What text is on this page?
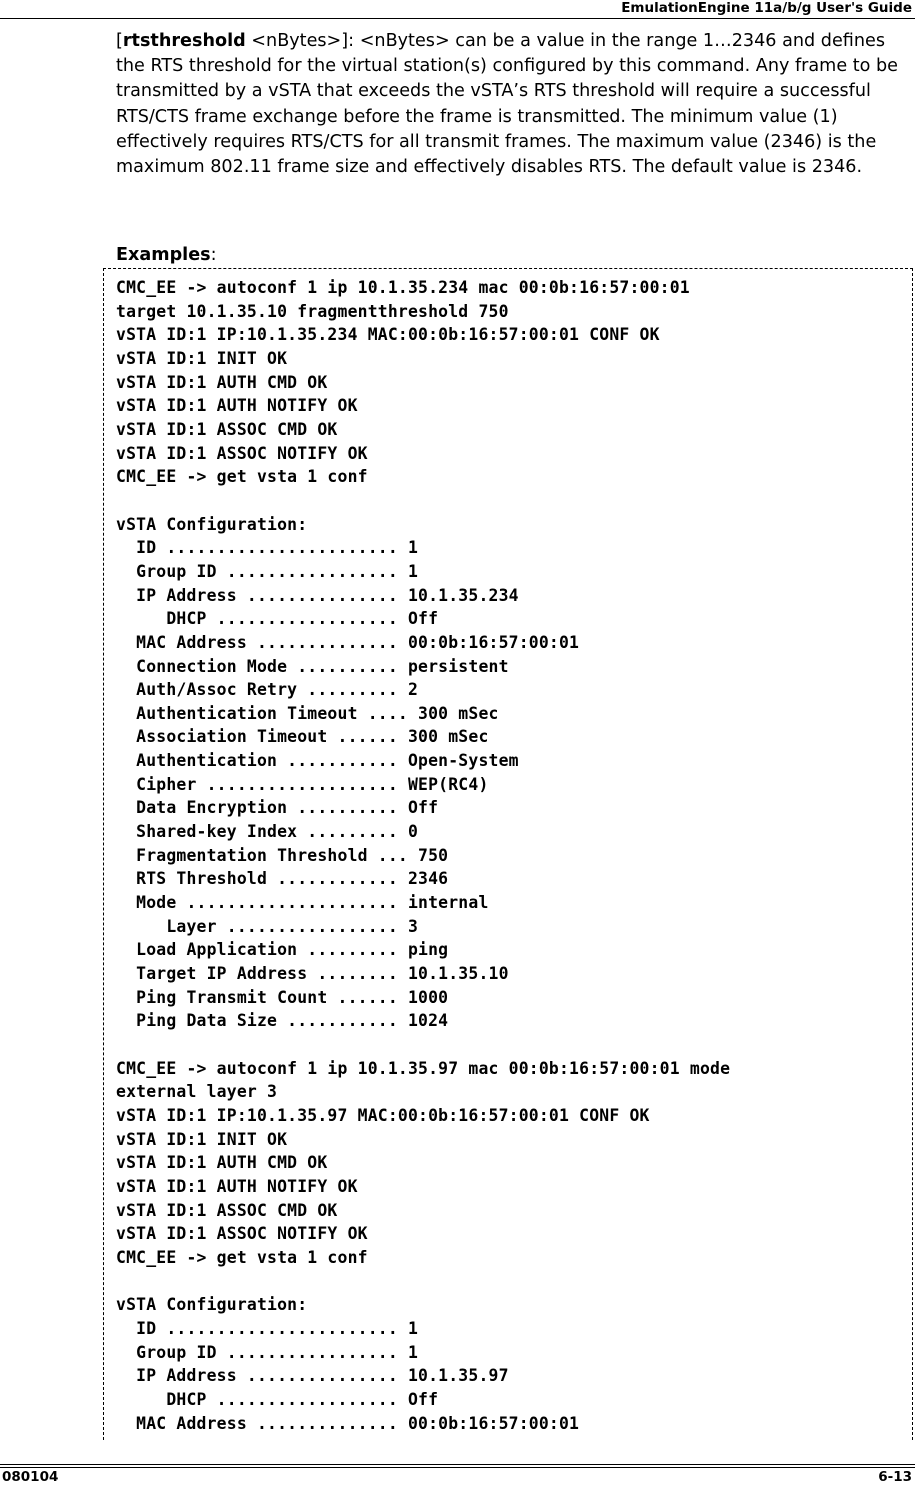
EmulationEngine 11a/b/g User's Guide

[rtsthreshold <nBytes>]: <nBytes> can be a value in the range 1…2346 and defines the RTS threshold for the virtual station(s) configured by this command. Any frame to be transmitted by a vSTA that exceeds the vSTA’s RTS threshold will require a successful RTS/CTS frame exchange before the frame is transmitted. The minimum value (1) effectively requires RTS/CTS for all transmit frames. The maximum value (2346) is the maximum 802.11 frame size and effectively disables RTS. The default value is 2346.

Examples:
CMC_EE -> autoconf 1 ip 10.1.35.234 mac 00:0b:16:57:00:01
target 10.1.35.10 fragmentthreshold 750
vSTA ID:1 IP:10.1.35.234 MAC:00:0b:16:57:00:01 CONF OK
vSTA ID:1 INIT OK
vSTA ID:1 AUTH CMD OK
vSTA ID:1 AUTH NOTIFY OK
vSTA ID:1 ASSOC CMD OK
vSTA ID:1 ASSOC NOTIFY OK
CMC_EE -> get vsta 1 conf

vSTA Configuration:
ID ....................... 1
Group ID ................. 1
IP Address ............... 10.1.35.234
DHCP .................. Off
MAC Address .............. 00:0b:16:57:00:01
Connection Mode .......... persistent
Auth/Assoc Retry ......... 2
Authentication Timeout .... 300 mSec
Association Timeout ...... 300 mSec
Authentication ........... Open-System
Cipher ................... WEP(RC4)
Data Encryption .......... Off
Shared-key Index ......... 0
Fragmentation Threshold ... 750
RTS Threshold ............ 2346
Mode ..................... internal
Layer ................. 3
Load Application ......... ping
Target IP Address ........ 10.1.35.10
Ping Transmit Count ...... 1000
Ping Data Size ........... 1024

CMC_EE -> autoconf 1 ip 10.1.35.97 mac 00:0b:16:57:00:01 mode
external layer 3
vSTA ID:1 IP:10.1.35.97 MAC:00:0b:16:57:00:01 CONF OK
vSTA ID:1 INIT OK
vSTA ID:1 AUTH CMD OK
vSTA ID:1 AUTH NOTIFY OK
vSTA ID:1 ASSOC CMD OK
vSTA ID:1 ASSOC NOTIFY OK
CMC_EE -> get vsta 1 conf

vSTA Configuration:
ID ....................... 1
Group ID ................. 1
IP Address ............... 10.1.35.97
DHCP .................. Off
MAC Address .............. 00:0b:16:57:00:01
080104	6-13
